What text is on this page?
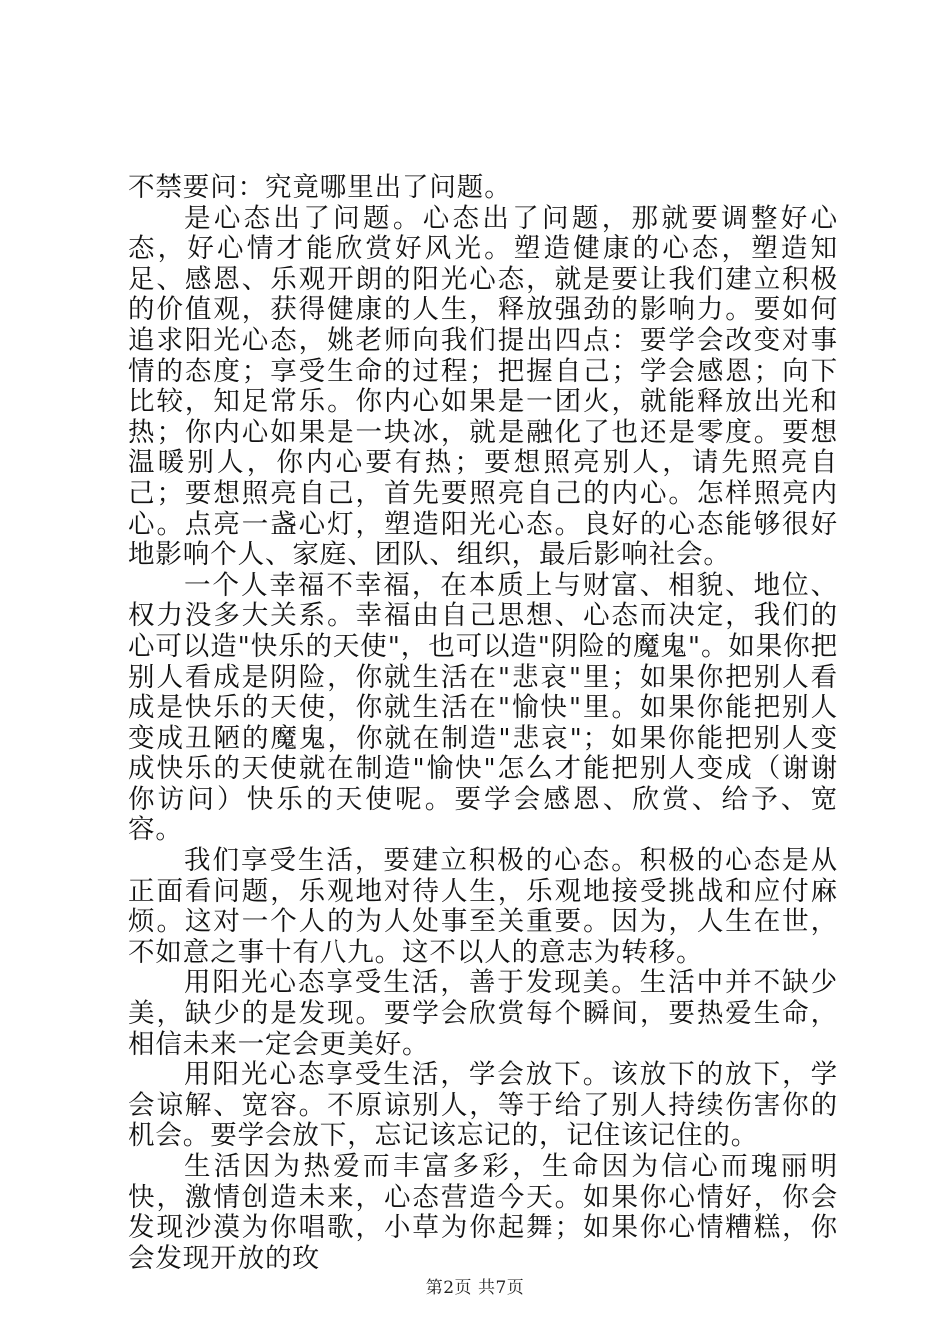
不禁要问：究竟哪里出了问题。

是心态出了问题。心态出了问题，那就要调整好心态，好心情才能欣赏好风光。塑造健康的心态，塑造知足、感恩、乐观开朗的阳光心态，就是要让我们建立积极的价值观，获得健康的人生，释放强劲的影响力。要如何追求阳光心态，姚老师向我们提出四点：要学会改变对事情的态度；享受生命的过程；把握自己；学会感恩；向下比较，知足常乐。你内心如果是一团火，就能释放出光和热；你内心如果是一块冰，就是融化了也还是零度。要想温暖别人，你内心要有热；要想照亮别人，请先照亮自己；要想照亮自己，首先要照亮自己的内心。怎样照亮内心。点亮一盏心灯，塑造阳光心态。良好的心态能够很好地影响个人、家庭、团队、组织，最后影响社会。

一个人幸福不幸福，在本质上与财富、相貌、地位、权力没多大关系。幸福由自己思想、心态而决定，我们的心可以造"快乐的天使"，也可以造"阴险的魔鬼"。如果你把别人看成是阴险，你就生活在"悲哀"里；如果你把别人看成是快乐的天使，你就生活在"愉快"里。如果你能把别人变成丑陋的魔鬼，你就在制造"悲哀"；如果你能把别人变成快乐的天使就在制造"愉快"怎么才能把别人变成（谢谢你访问）快乐的天使呢。要学会感恩、欣赏、给予、宽容。

我们享受生活，要建立积极的心态。积极的心态是从正面看问题，乐观地对待人生，乐观地接受挑战和应付麻烦。这对一个人的为人处事至关重要。因为，人生在世，不如意之事十有八九。这不以人的意志为转移。

用阳光心态享受生活，善于发现美。生活中并不缺少美，缺少的是发现。要学会欣赏每个瞬间，要热爱生命，相信未来一定会更美好。

用阳光心态享受生活，学会放下。该放下的放下，学会谅解、宽容。不原谅别人，等于给了别人持续伤害你的机会。要学会放下，忘记该忘记的，记住该记住的。

生活因为热爱而丰富多彩，生命因为信心而瑰丽明快，激情创造未来，心态营造今天。如果你心情好，你会发现沙漠为你唱歌，小草为你起舞；如果你心情糟糕，你会发现开放的玫

第2页 共7页
